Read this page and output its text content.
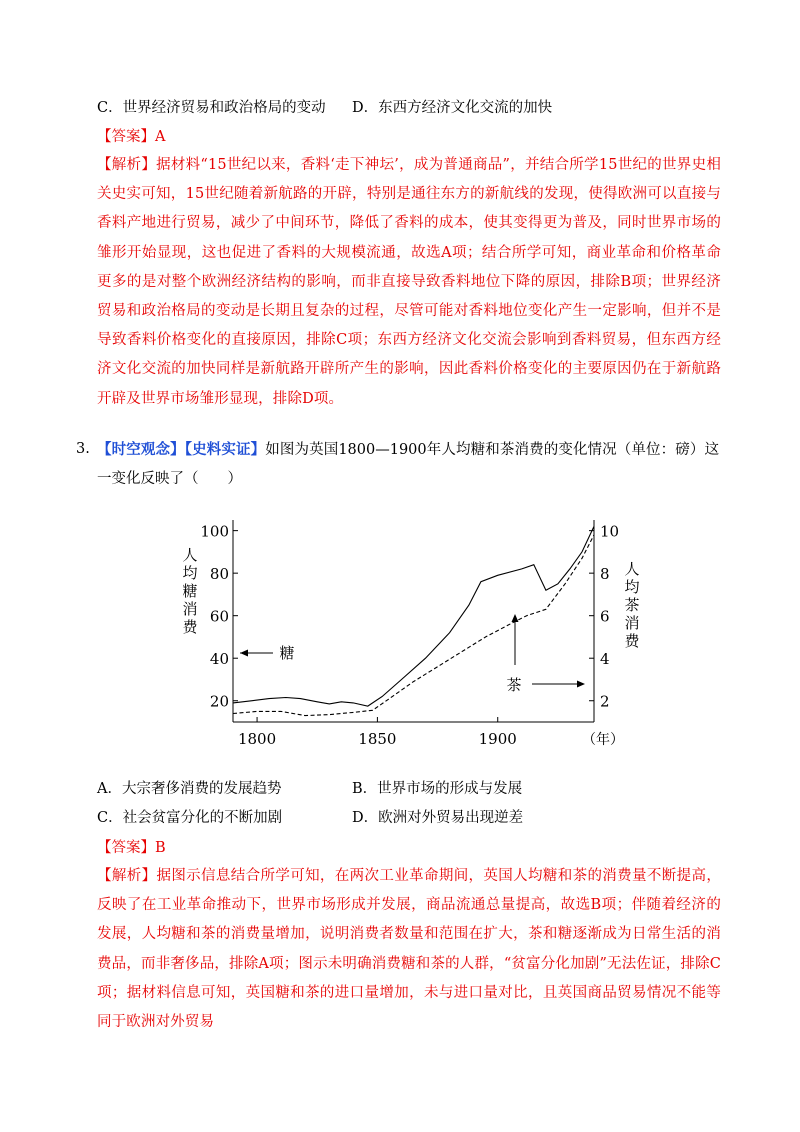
C．世界经济贸易和政治格局的变动 D．东西方经济文化交流的加快
【答案】A
【解析】据材料“15世纪以来，香料‘走下神坛’，成为普通商品”，并结合所学15世纪的世界史相关史实可知，15世纪随着新航路的开辟，特别是通往东方的新航线的发现，使得欧洲可以直接与香料产地进行贸易，减少了中间环节，降低了香料的成本，使其变得更为普及，同时世界市场的雏形开始显现，这也促进了香料的大规模流通，故选A项；结合所学可知，商业革命和价格革命更多的是对整个欧洲经济结构的影响，而非直接导致香料地位下降的原因，排除B项；世界经济贸易和政治格局的变动是长期且复杂的过程，尽管可能对香料地位变化产生一定影响，但并不是导致香料价格变化的直接原因，排除C项；东西方经济文化交流会影响到香料贸易，但东西方经济文化交流的加快同样是新航路开辟所产生的影响，因此香料价格变化的主要原因仍在于新航路开辟及世界市场雏形显现，排除D项。
3. 【时空观念】【史料实证】如图为英国1800—1900年人均糖和茶消费的变化情况（单位：磅）这一变化反映了（　　）
20
40
60
80
100
2
4
6
8
10
1800	1850	1900	（年）
人均糖消费
人均茶消费
糖
茶
A．大宗奢侈消费的发展趋势	B．世界市场的形成与发展
C．社会贫富分化的不断加剧	D．欧洲对外贸易出现逆差
【答案】B
【解析】据图示信息结合所学可知，在两次工业革命期间，英国人均糖和茶的消费量不断提高，反映了在工业革命推动下，世界市场形成并发展，商品流通总量提高，故选B项；伴随着经济的发展，人均糖和茶的消费量增加，说明消费者数量和范围在扩大，茶和糖逐渐成为日常生活的消费品，而非奢侈品，排除A项；图示未明确消费糖和茶的人群，“贫富分化加剧”无法佐证，排除C项；据材料信息可知，英国糖和茶的进口量增加，未与进口量对比，且英国商品贸易情况不能等同于欧洲对外贸易
